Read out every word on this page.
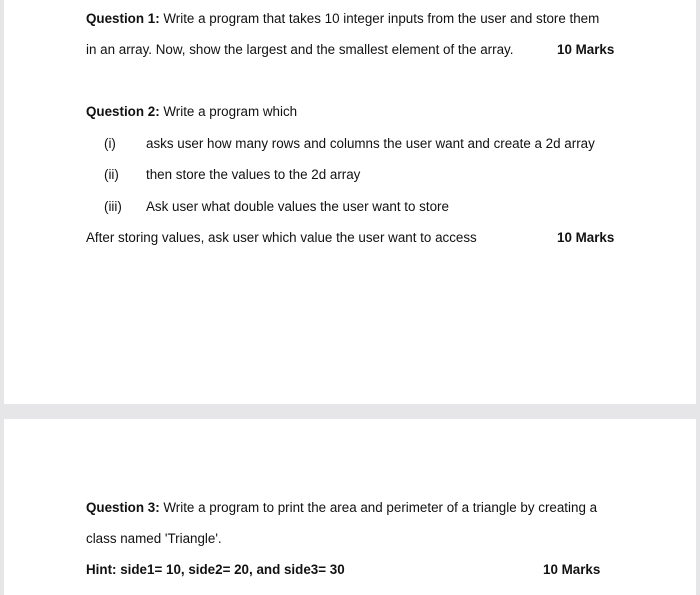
Question 1: Write a program that takes 10 integer inputs from the user and store them
in an array. Now, show the largest and the smallest element of the array.	10 Marks
Question 2: Write a program which
(i) asks user how many rows and columns the user want and create a 2d array
(ii) then store the values to the 2d array
(iii) Ask user what double values the user want to store
After storing values, ask user which value the user want to access	10 Marks
Question 3: Write a program to print the area and perimeter of a triangle by creating a
class named 'Triangle'.
Hint: side1= 10, side2= 20, and side3= 30	10 Marks
